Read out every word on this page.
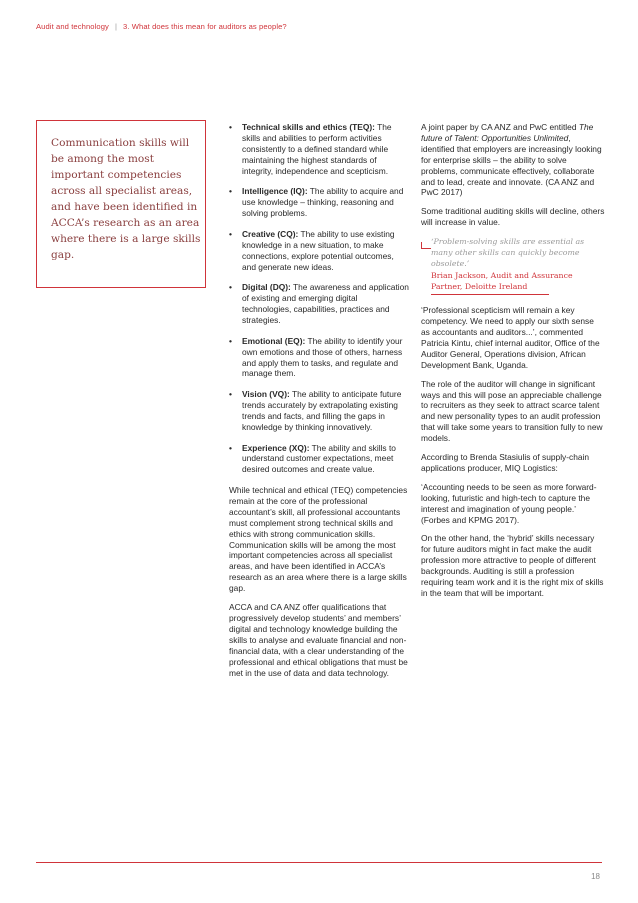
Audit and technology | 3. What does this mean for auditors as people?

Communication skills will be among the most important competencies across all specialist areas, and have been identified in ACCA’s research as an area where there is a large skills gap.

• Technical skills and ethics (TEQ): The skills and abilities to perform activities consistently to a defined standard while maintaining the highest standards of integrity, independence and scepticism.
• Intelligence (IQ): The ability to acquire and use knowledge – thinking, reasoning and solving problems.
• Creative (CQ): The ability to use existing knowledge in a new situation, to make connections, explore potential outcomes, and generate new ideas.
• Digital (DQ): The awareness and application of existing and emerging digital technologies, capabilities, practices and strategies.
• Emotional (EQ): The ability to identify your own emotions and those of others, harness and apply them to tasks, and regulate and manage them.
• Vision (VQ): The ability to anticipate future trends accurately by extrapolating existing trends and facts, and filling the gaps in knowledge by thinking innovatively.
• Experience (XQ): The ability and skills to understand customer expectations, meet desired outcomes and create value.

While technical and ethical (TEQ) competencies remain at the core of the professional accountant’s skill, all professional accountants must complement strong technical skills and ethics with strong communication skills. Communication skills will be among the most important competencies across all specialist areas, and have been identified in ACCA’s research as an area where there is a large skills gap.

ACCA and CA ANZ offer qualifications that progressively develop students’ and members’ digital and technology knowledge building the skills to analyse and evaluate financial and non-financial data, with a clear understanding of the professional and ethical obligations that must be met in the use of data and data technology.

A joint paper by CA ANZ and PwC entitled The future of Talent: Opportunities Unlimited, identified that employers are increasingly looking for enterprise skills – the ability to solve problems, communicate effectively, collaborate and to lead, create and innovate. (CA ANZ and PwC 2017)

Some traditional auditing skills will decline, others will increase in value.

‘Problem-solving skills are essential as many other skills can quickly become obsolete.’

Brian Jackson, Audit and Assurance Partner, Deloitte Ireland

‘Professional scepticism will remain a key competency. We need to apply our sixth sense as accountants and auditors...’, commented Patricia Kintu, chief internal auditor, Office of the Auditor General, Operations division, African Development Bank, Uganda.

The role of the auditor will change in significant ways and this will pose an appreciable challenge to recruiters as they seek to attract scarce talent and new personality types to an audit profession that will take some years to transition fully to new models.

According to Brenda Stasiulis of supply-chain applications producer, MIQ Logistics:

‘Accounting needs to be seen as more forward-looking, futuristic and high-tech to capture the interest and imagination of young people.’ (Forbes and KPMG 2017).

On the other hand, the ‘hybrid’ skills necessary for future auditors might in fact make the audit profession more attractive to people of different backgrounds. Auditing is still a profession requiring team work and it is the right mix of skills in the team that will be important.

18
